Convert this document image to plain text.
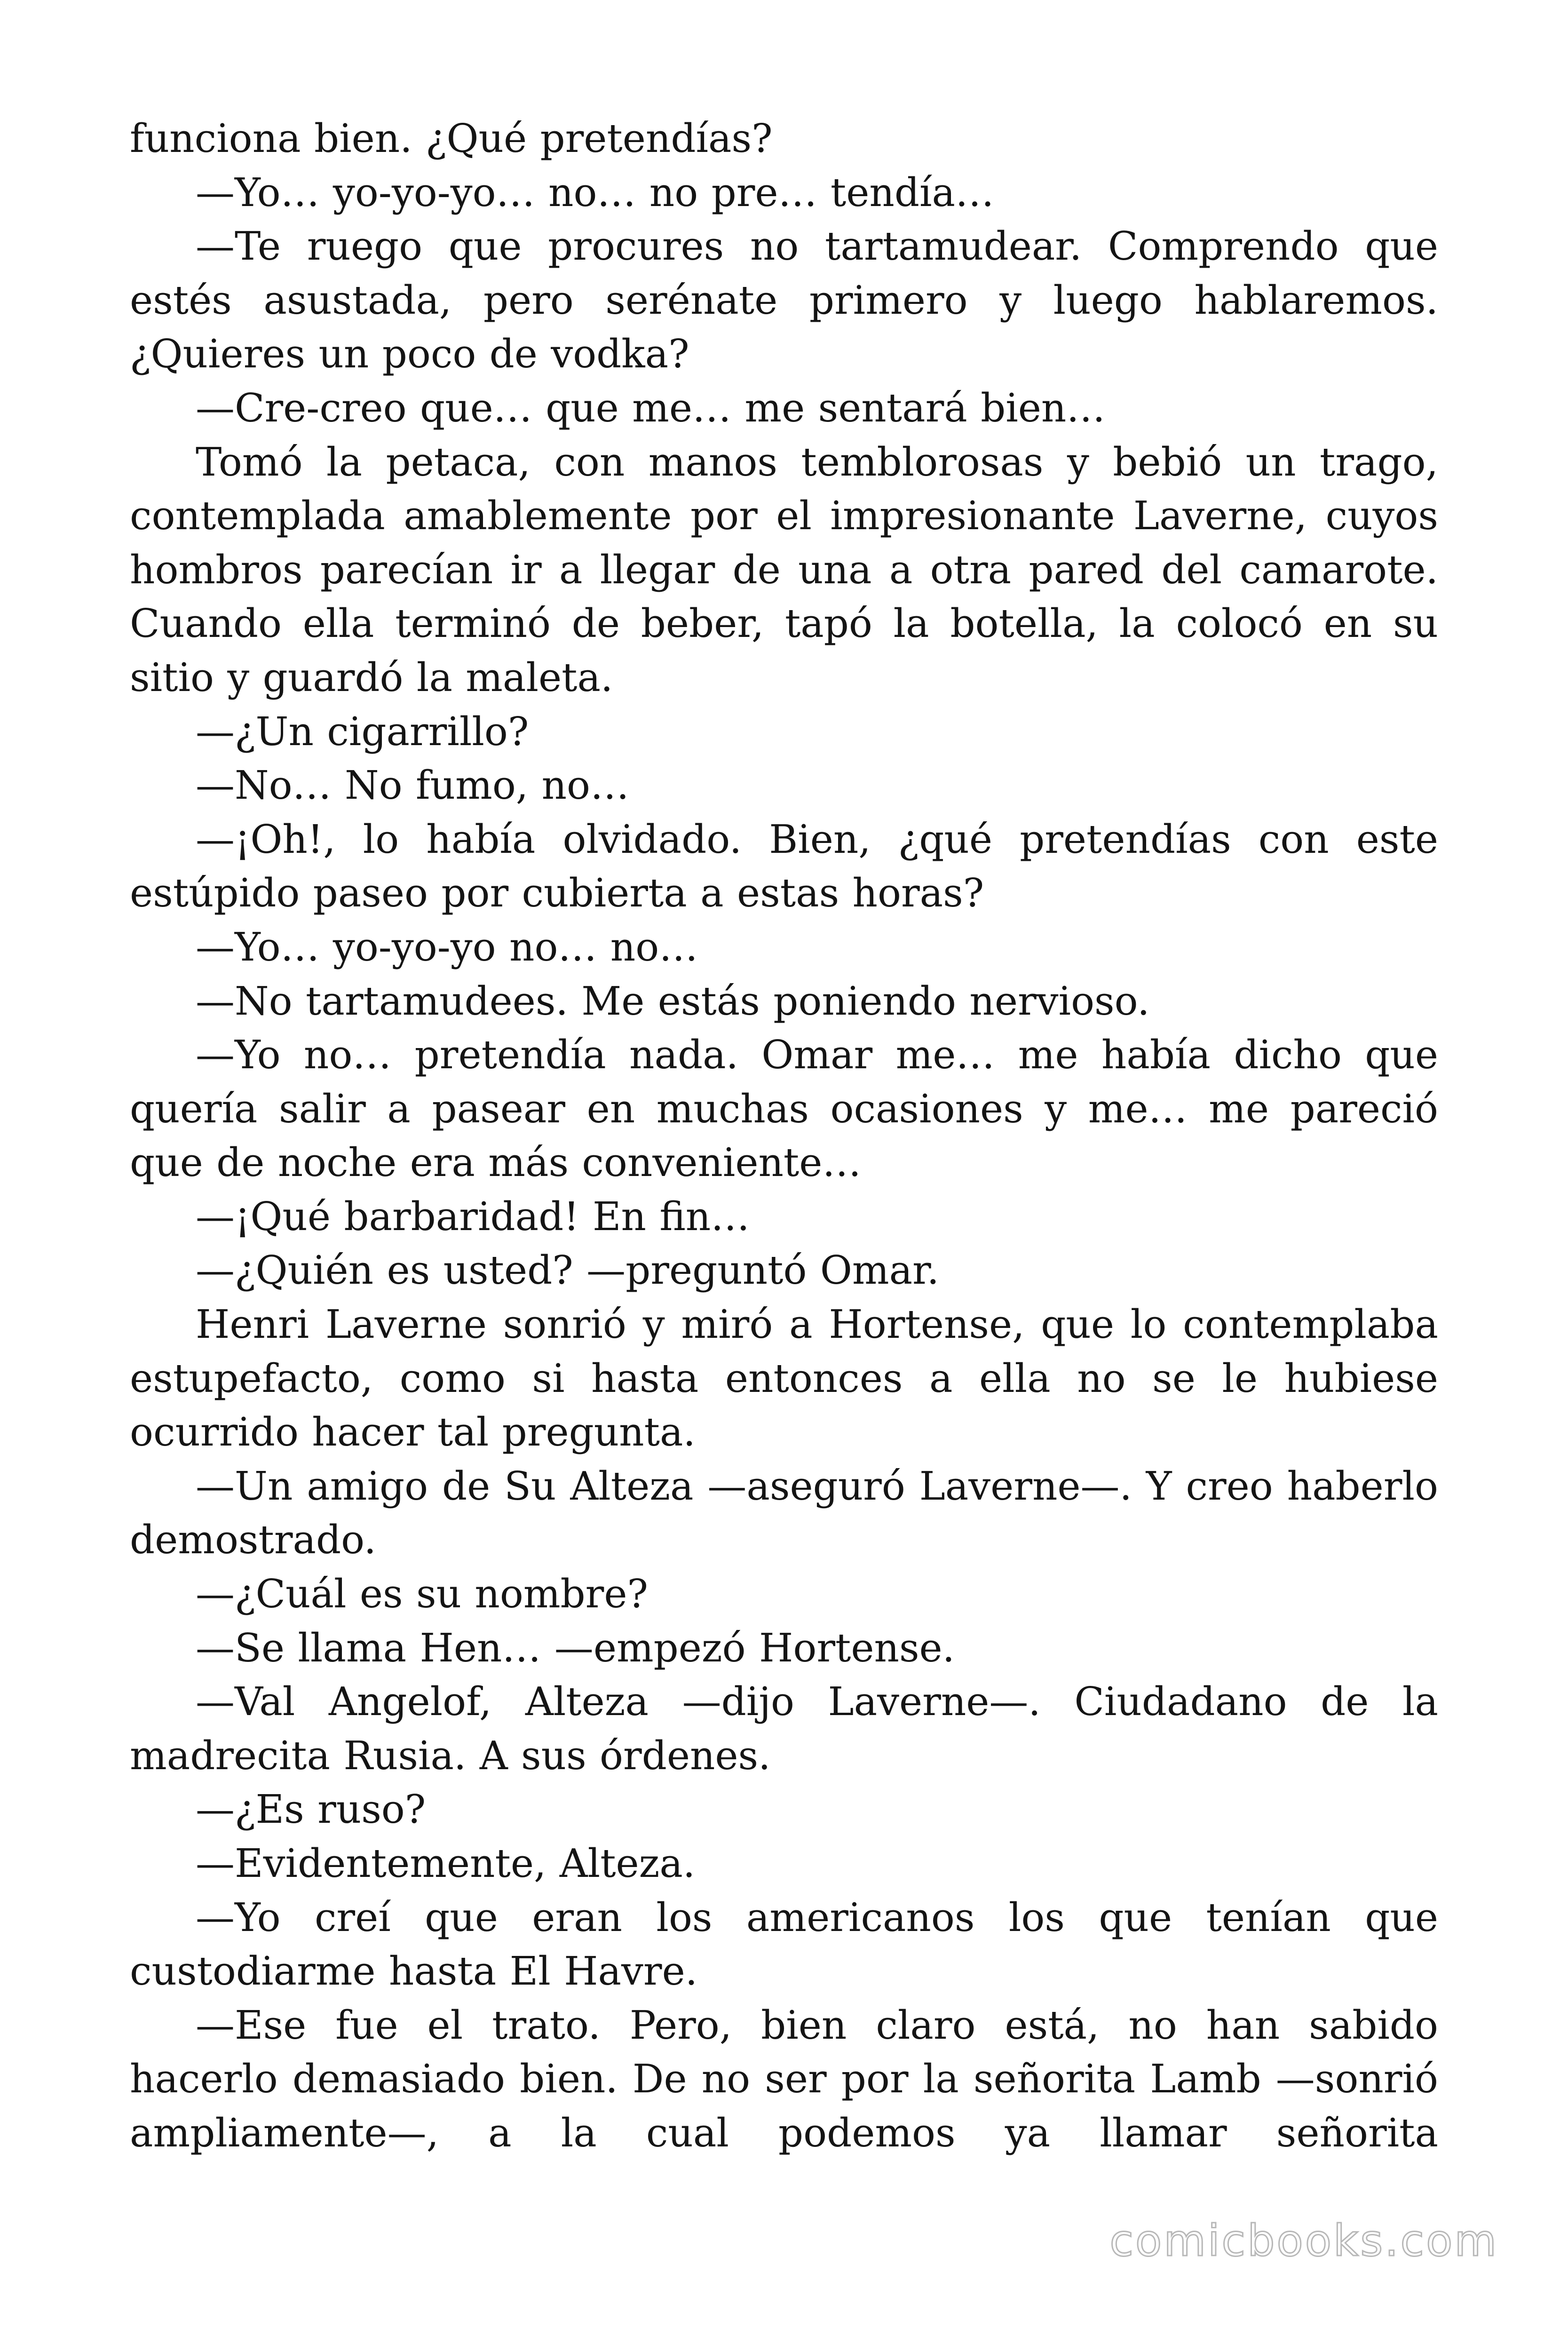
funciona bien. ¿Qué pretendías?

—Yo… yo-yo-yo… no… no pre… tendía…

—Te ruego que procures no tartamudear. Comprendo que estés asustada, pero serénate primero y luego hablaremos. ¿Quieres un poco de vodka?

—Cre-creo que… que me… me sentará bien…

Tomó la petaca, con manos temblorosas y bebió un trago, contemplada amablemente por el impresionante Laverne, cuyos hombros parecían ir a llegar de una a otra pared del camarote. Cuando ella terminó de beber, tapó la botella, la colocó en su sitio y guardó la maleta.

—¿Un cigarrillo?

—No… No fumo, no…

—¡Oh!, lo había olvidado. Bien, ¿qué pretendías con este estúpido paseo por cubierta a estas horas?

—Yo… yo-yo-yo no… no…

—No tartamudees. Me estás poniendo nervioso.

—Yo no… pretendía nada. Omar me… me había dicho que quería salir a pasear en muchas ocasiones y me… me pareció que de noche era más conveniente…

—¡Qué barbaridad! En fin…

—¿Quién es usted? —preguntó Omar.

Henri Laverne sonrió y miró a Hortense, que lo contemplaba estupefacto, como si hasta entonces a ella no se le hubiese ocurrido hacer tal pregunta.

—Un amigo de Su Alteza —aseguró Laverne—. Y creo haberlo demostrado.

—¿Cuál es su nombre?

—Se llama Hen… —empezó Hortense.

—Val Angelof, Alteza —dijo Laverne—. Ciudadano de la madrecita Rusia. A sus órdenes.

—¿Es ruso?

—Evidentemente, Alteza.

—Yo creí que eran los americanos los que tenían que custodiarme hasta El Havre.

—Ese fue el trato. Pero, bien claro está, no han sabido hacerlo demasiado bien. De no ser por la señorita Lamb —sonrió ampliamente—, a la cual podemos ya llamar señorita

comicbooks.com
